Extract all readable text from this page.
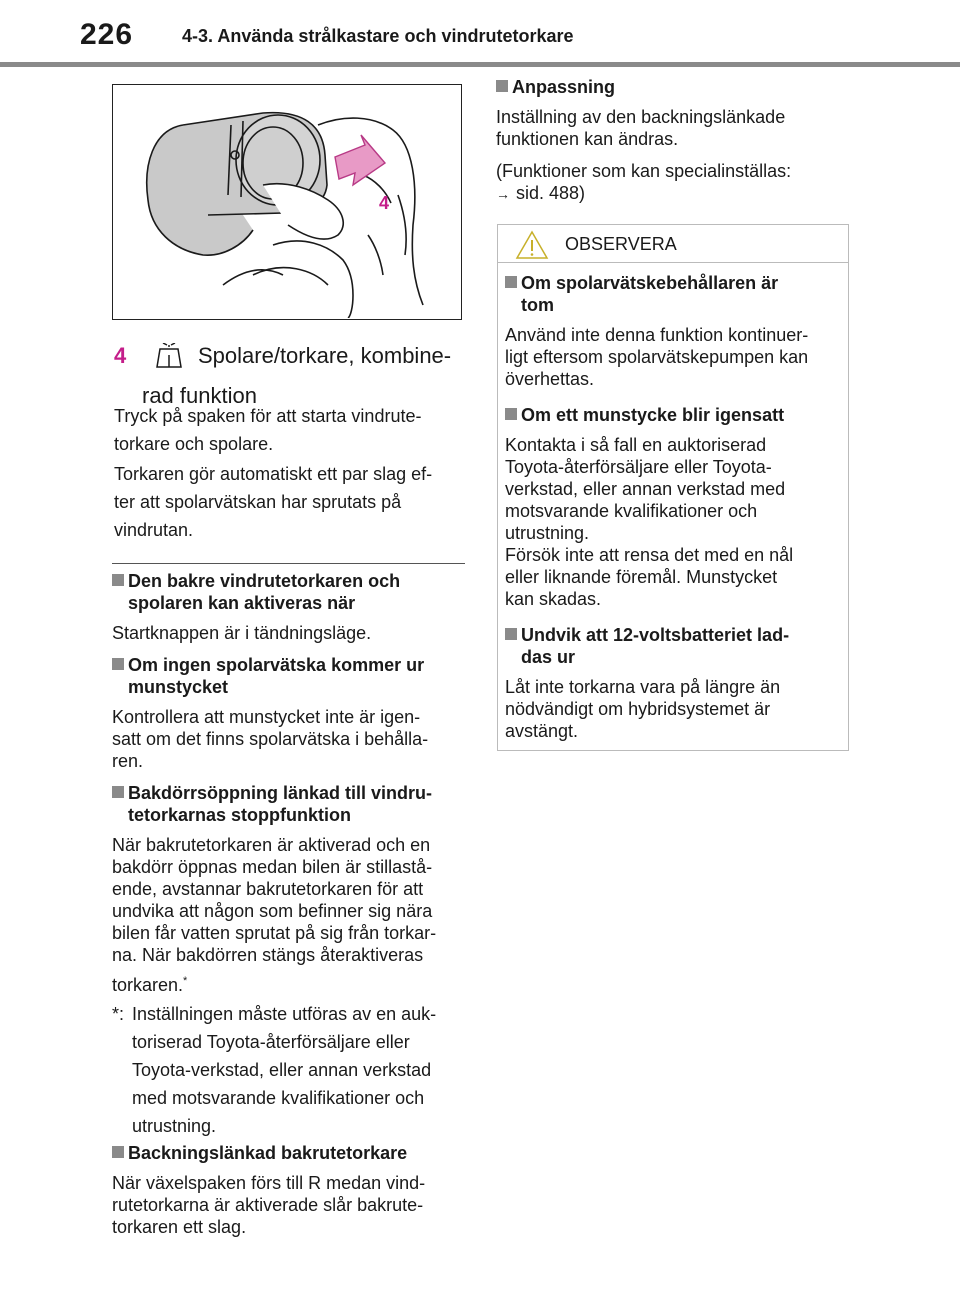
226	4-3. Använda strålkastare och vindrutetorkare
4
4	Spolare/torkare, kombine-
rad funktion
Tryck på spaken för att starta vindrute-
torkare och spolare.
Torkaren gör automatiskt ett par slag ef-
ter att spolarvätskan har sprutats på
vindrutan.
Den bakre vindrutetorkaren och
spolaren kan aktiveras när
Startknappen är i tändningsläge.
Om ingen spolarvätska kommer ur
munstycket
Kontrollera att munstycket inte är igen-
satt om det finns spolarvätska i behålla-
ren.
Bakdörrsöppning länkad till vindru-
tetorkarnas stoppfunktion
När bakrutetorkaren är aktiverad och en
bakdörr öppnas medan bilen är stillastå-
ende, avstannar bakrutetorkaren för att
undvika att någon som befinner sig nära
bilen får vatten sprutat på sig från torkar-
na. När bakdörren stängs återaktiveras
torkaren.*
*: Inställningen måste utföras av en auk-
toriserad Toyota-återförsäljare eller
Toyota-verkstad, eller annan verkstad
med motsvarande kvalifikationer och
utrustning.
Backningslänkad bakrutetorkare
När växelspaken förs till R medan vind-
rutetorkarna är aktiverade slår bakrute-
torkaren ett slag.
Anpassning
Inställning av den backningslänkade
funktionen kan ändras.
(Funktioner som kan specialinställas:
→ sid. 488)
OBSERVERA
Om spolarvätskebehållaren är
tom
Använd inte denna funktion kontinuer-
ligt eftersom spolarvätskepumpen kan
överhettas.
Om ett munstycke blir igensatt
Kontakta i så fall en auktoriserad
Toyota-återförsäljare eller Toyota-
verkstad, eller annan verkstad med
motsvarande kvalifikationer och
utrustning.
Försök inte att rensa det med en nål
eller liknande föremål. Munstycket
kan skadas.
Undvik att 12-voltsbatteriet lad-
das ur
Låt inte torkarna vara på längre än
nödvändigt om hybridsystemet är
avstängt.
